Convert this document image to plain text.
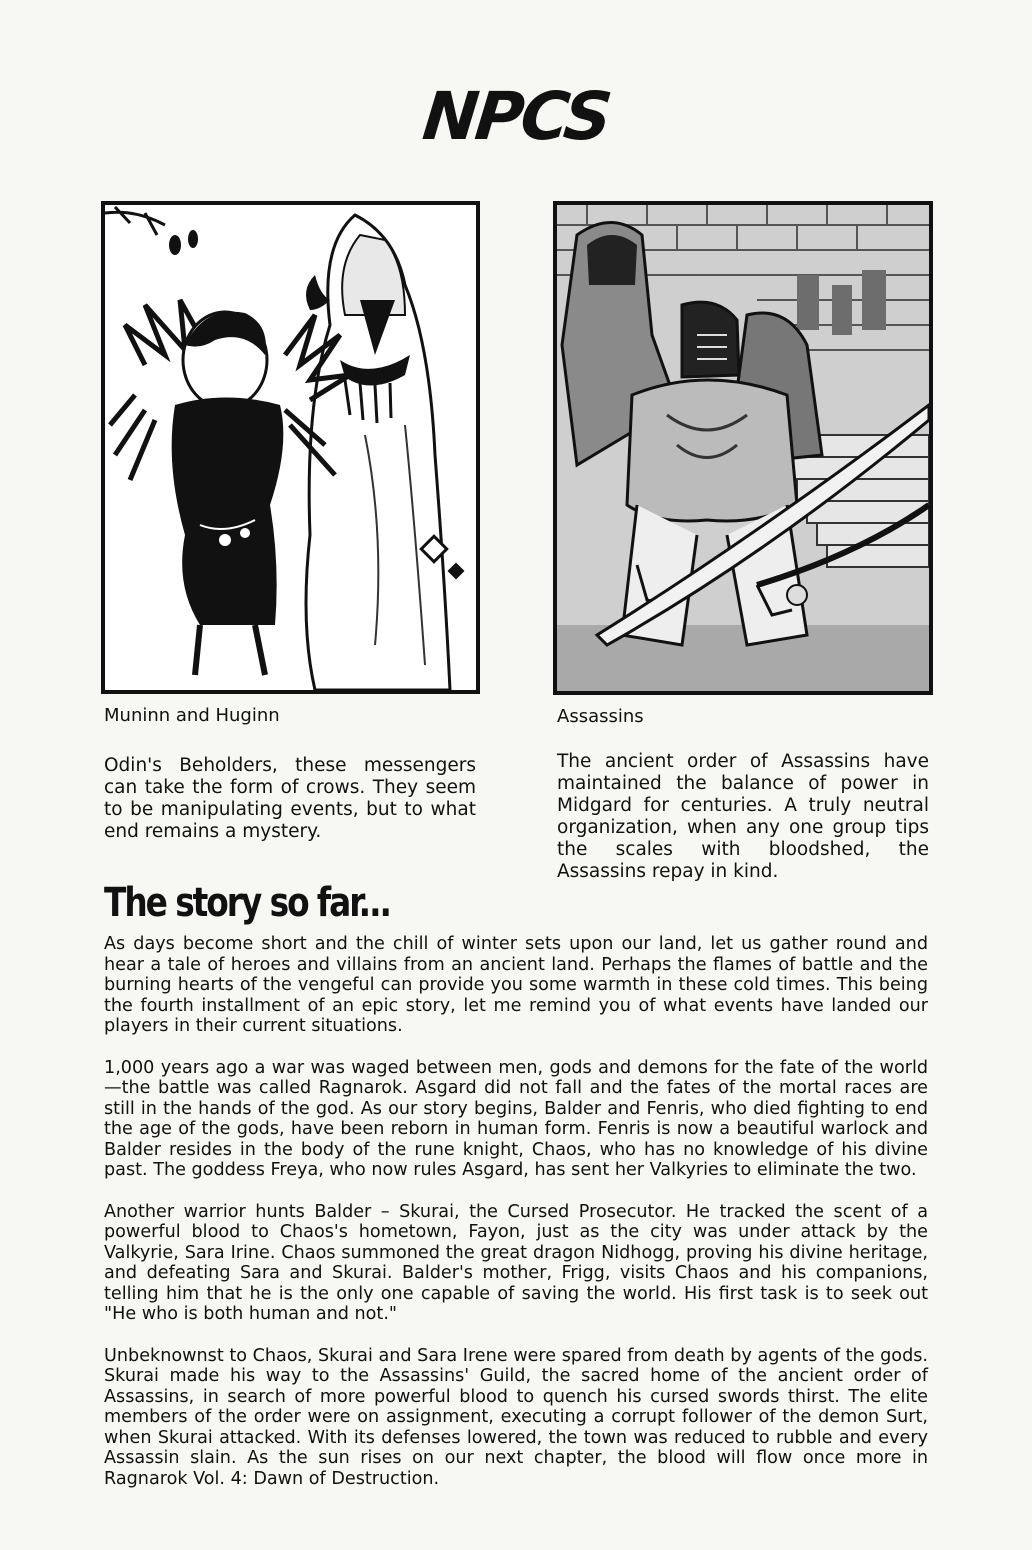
NPCS
Muninn and Huginn
Odin's Beholders, these messengers can take the form of crows. They seem to be manipulating events, but to what end remains a mystery.
Assassins
The ancient order of Assassins have maintained the balance of power in Midgard for centuries. A truly neutral organization, when any one group tips the scales with bloodshed, the Assassins repay in kind.
The story so far...

As days become short and the chill of winter sets upon our land, let us gather round and hear a tale of heroes and villains from an ancient land. Perhaps the flames of battle and the burning hearts of the vengeful can provide you some warmth in these cold times. This being the fourth installment of an epic story, let me remind you of what events have landed our players in their current situations.

1,000 years ago a war was waged between men, gods and demons for the fate of the world—the battle was called Ragnarok. Asgard did not fall and the fates of the mortal races are still in the hands of the god. As our story begins, Balder and Fenris, who died fighting to end the age of the gods, have been reborn in human form. Fenris is now a beautiful warlock and Balder resides in the body of the rune knight, Chaos, who has no knowledge of his divine past. The goddess Freya, who now rules Asgard, has sent her Valkyries to eliminate the two.

Another warrior hunts Balder – Skurai, the Cursed Prosecutor. He tracked the scent of a powerful blood to Chaos's hometown, Fayon, just as the city was under attack by the Valkyrie, Sara Irine. Chaos summoned the great dragon Nidhogg, proving his divine heritage, and defeating Sara and Skurai. Balder's mother, Frigg, visits Chaos and his companions, telling him that he is the only one capable of saving the world. His first task is to seek out "He who is both human and not."

Unbeknownst to Chaos, Skurai and Sara Irene were spared from death by agents of the gods. Skurai made his way to the Assassins' Guild, the sacred home of the ancient order of Assassins, in search of more powerful blood to quench his cursed swords thirst. The elite members of the order were on assignment, executing a corrupt follower of the demon Surt, when Skurai attacked. With its defenses lowered, the town was reduced to rubble and every Assassin slain. As the sun rises on our next chapter, the blood will flow once more in Ragnarok Vol. 4: Dawn of Destruction.
